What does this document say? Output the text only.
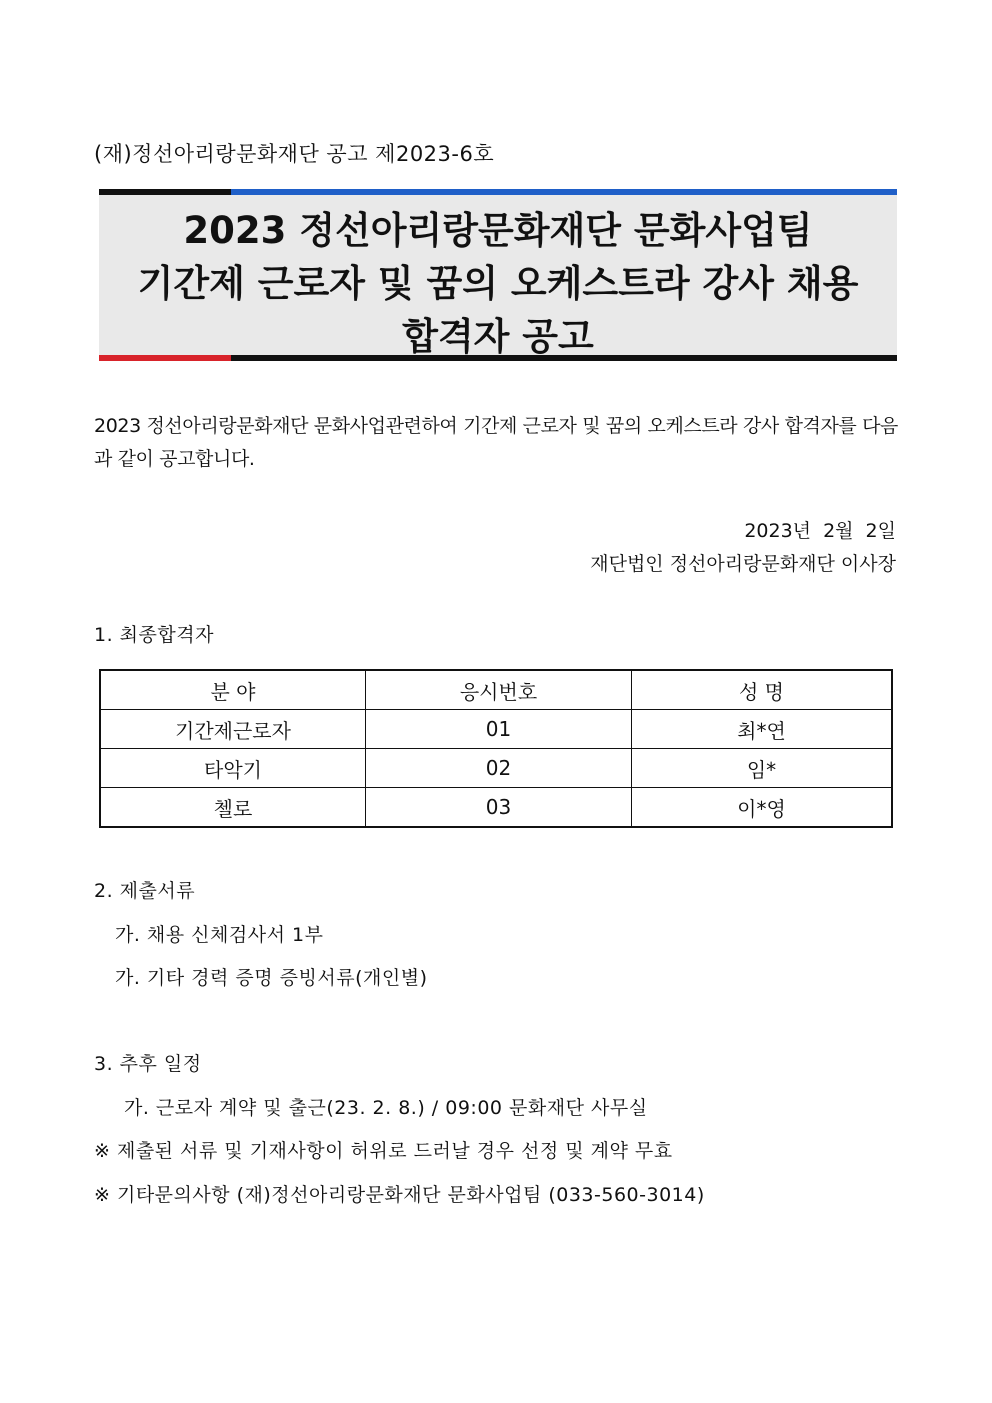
(재)정선아리랑문화재단 공고 제2023-6호
2023 정선아리랑문화재단 문화사업팀
기간제 근로자 및 꿈의 오케스트라 강사 채용
합격자 공고
2023 정선아리랑문화재단 문화사업관련하여 기간제 근로자 및 꿈의 오케스트라 강사 합격자를 다음과 같이 공고합니다.
2023년 2월 2일
재단법인 정선아리랑문화재단 이사장
1. 최종합격자
분 야	응시번호	성 명
기간제근로자	01	최*연
타악기	02	임*
첼로	03	이*영
2. 제출서류
가. 채용 신체검사서 1부
가. 기타 경력 증명 증빙서류(개인별)
3. 추후 일정
가. 근로자 계약 및 출근(23. 2. 8.) / 09:00 문화재단 사무실
※ 제출된 서류 및 기재사항이 허위로 드러날 경우 선정 및 계약 무효
※ 기타문의사항 (재)정선아리랑문화재단 문화사업팀 (033-560-3014)
